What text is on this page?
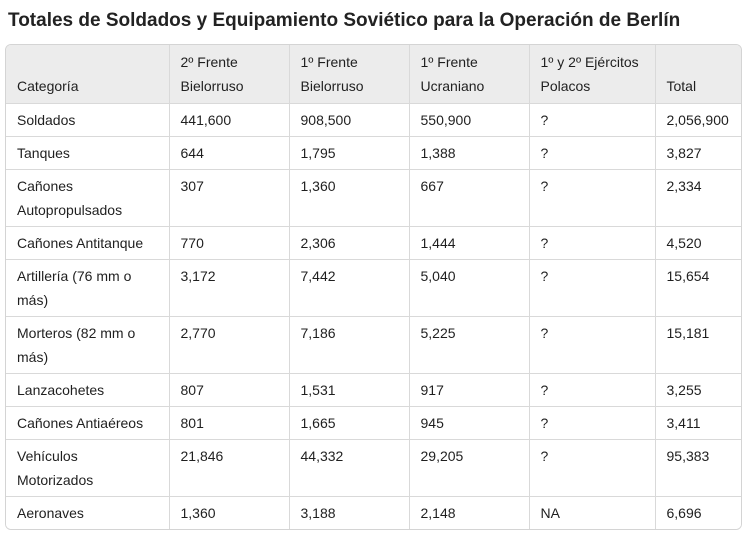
Totales de Soldados y Equipamiento Soviético para la Operación de Berlín
Categoría	2º Frente Bielorruso	1º Frente Bielorruso	1º Frente Ucraniano	1º y 2º Ejércitos Polacos	Total
Soldados	441,600	908,500	550,900	?	2,056,900
Tanques	644	1,795	1,388	?	3,827
Cañones Autopropulsados	307	1,360	667	?	2,334
Cañones Antitanque	770	2,306	1,444	?	4,520
Artillería (76 mm o más)	3,172	7,442	5,040	?	15,654
Morteros (82 mm o más)	2,770	7,186	5,225	?	15,181
Lanzacohetes	807	1,531	917	?	3,255
Cañones Antiaéreos	801	1,665	945	?	3,411
Vehículos Motorizados	21,846	44,332	29,205	?	95,383
Aeronaves	1,360	3,188	2,148	NA	6,696
